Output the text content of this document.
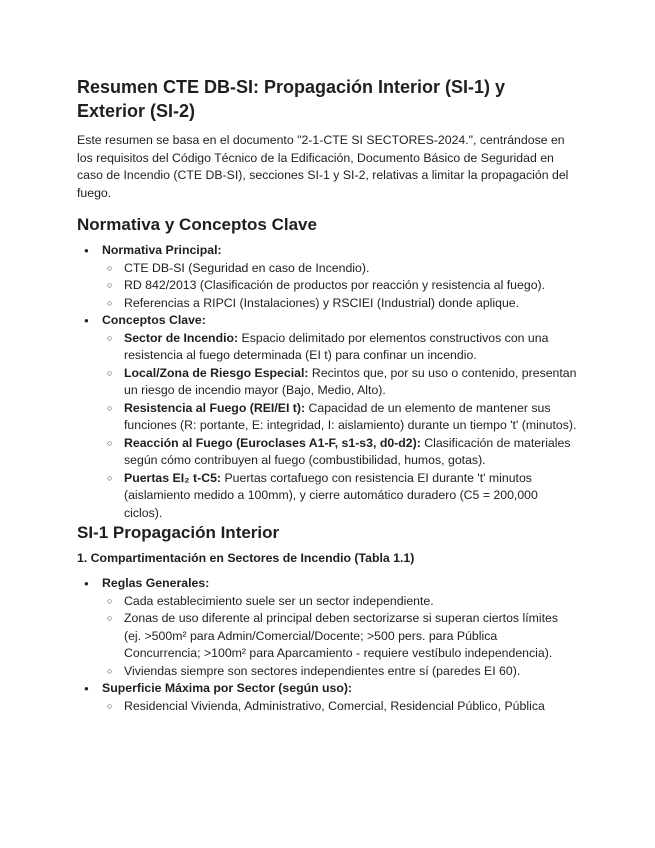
Resumen CTE DB-SI: Propagación Interior (SI-1) y Exterior (SI-2)

Este resumen se basa en el documento "2-1-CTE SI SECTORES-2024.", centrándose en los requisitos del Código Técnico de la Edificación, Documento Básico de Seguridad en caso de Incendio (CTE DB-SI), secciones SI-1 y SI-2, relativas a limitar la propagación del fuego.

Normativa y Conceptos Clave
● Normativa Principal:
○ CTE DB-SI (Seguridad en caso de Incendio).
○ RD 842/2013 (Clasificación de productos por reacción y resistencia al fuego).
○ Referencias a RIPCI (Instalaciones) y RSCIEI (Industrial) donde aplique.
● Conceptos Clave:
○ Sector de Incendio: Espacio delimitado por elementos constructivos con una resistencia al fuego determinada (EI t) para confinar un incendio.
○ Local/Zona de Riesgo Especial: Recintos que, por su uso o contenido, presentan un riesgo de incendio mayor (Bajo, Medio, Alto).
○ Resistencia al Fuego (REI/EI t): Capacidad de un elemento de mantener sus funciones (R: portante, E: integridad, I: aislamiento) durante un tiempo 't' (minutos).
○ Reacción al Fuego (Euroclases A1-F, s1-s3, d0-d2): Clasificación de materiales según cómo contribuyen al fuego (combustibilidad, humos, gotas).
○ Puertas EI₂ t-C5: Puertas cortafuego con resistencia EI durante 't' minutos (aislamiento medido a 100mm), y cierre automático duradero (C5 = 200,000 ciclos).
SI-1 Propagación Interior
1. Compartimentación en Sectores de Incendio (Tabla 1.1)
● Reglas Generales:
○ Cada establecimiento suele ser un sector independiente.
○ Zonas de uso diferente al principal deben sectorizarse si superan ciertos límites (ej. >500m² para Admin/Comercial/Docente; >500 pers. para Pública Concurrencia; >100m² para Aparcamiento - requiere vestíbulo independencia).
○ Viviendas siempre son sectores independientes entre sí (paredes EI 60).
● Superficie Máxima por Sector (según uso):
○ Residencial Vivienda, Administrativo, Comercial, Residencial Público, Pública
